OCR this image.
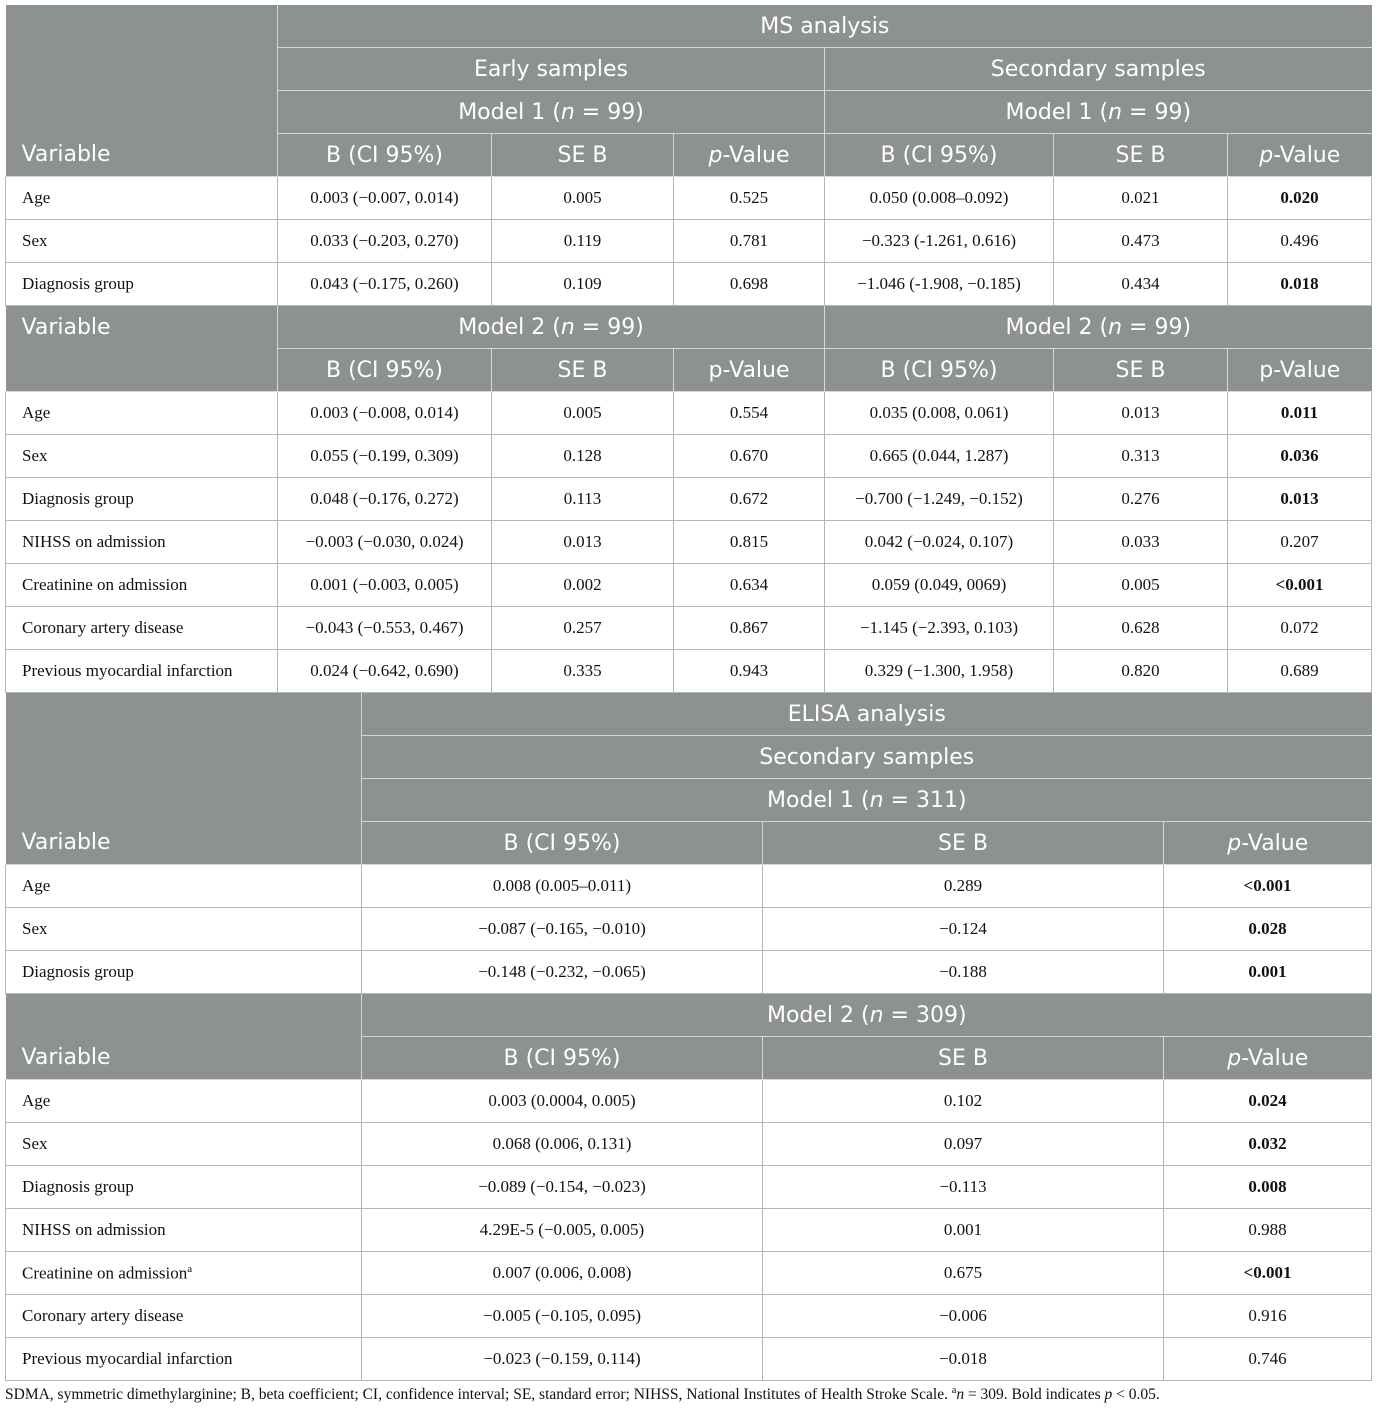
	MS analysis					
	Early samples			Secondary samples		
	Model 1 (n = 99)			Model 1 (n = 99)		
Variable	B (CI 95%)	SE B	p-Value	B (CI 95%)	SE B	p-Value
Age	0.003 (−0.007, 0.014)	0.005	0.525	0.050 (0.008–0.092)	0.021	0.020
Sex	0.033 (−0.203, 0.270)	0.119	0.781	−0.323 (-1.261, 0.616)	0.473	0.496
Diagnosis group	0.043 (−0.175, 0.260)	0.109	0.698	−1.046 (-1.908, −0.185)	0.434	0.018
Variable	Model 2 (n = 99)			Model 2 (n = 99)		
	B (CI 95%)	SE B	p-Value	B (CI 95%)	SE B	p-Value
Age	0.003 (−0.008, 0.014)	0.005	0.554	0.035 (0.008, 0.061)	0.013	0.011
Sex	0.055 (−0.199, 0.309)	0.128	0.670	0.665 (0.044, 1.287)	0.313	0.036
Diagnosis group	0.048 (−0.176, 0.272)	0.113	0.672	−0.700 (−1.249, −0.152)	0.276	0.013
NIHSS on admission	−0.003 (−0.030, 0.024)	0.013	0.815	0.042 (−0.024, 0.107)	0.033	0.207
Creatinine on admission	0.001 (−0.003, 0.005)	0.002	0.634	0.059 (0.049, 0069)	0.005	<0.001
Coronary artery disease	−0.043 (−0.553, 0.467)	0.257	0.867	−1.145 (−2.393, 0.103)	0.628	0.072
Previous myocardial infarction	0.024 (−0.642, 0.690)	0.335	0.943	0.329 (−1.300, 1.958)	0.820	0.689
	ELISA analysis		
	Secondary samples		
	Model 1 (n = 311)		
Variable	B (CI 95%)	SE B	p-Value
Age	0.008 (0.005–0.011)	0.289	<0.001
Sex	−0.087 (−0.165, −0.010)	−0.124	0.028
Diagnosis group	−0.148 (−0.232, −0.065)	−0.188	0.001
	Model 2 (n = 309)		
Variable	B (CI 95%)	SE B	p-Value
Age	0.003 (0.0004, 0.005)	0.102	0.024
Sex	0.068 (0.006, 0.131)	0.097	0.032
Diagnosis group	−0.089 (−0.154, −0.023)	−0.113	0.008
NIHSS on admission	4.29E-5 (−0.005, 0.005)	0.001	0.988
Creatinine on admission$^a$	0.007 (0.006, 0.008)	0.675	<0.001
Coronary artery disease	−0.005 (−0.105, 0.095)	−0.006	0.916
Previous myocardial infarction	−0.023 (−0.159, 0.114)	−0.018	0.746
SDMA, symmetric dimethylarginine; B, beta coefficient; CI, confidence interval; SE, standard error; NIHSS, National Institutes of Health Stroke Scale. $^a$n = 309. Bold indicates p < 0.05.
